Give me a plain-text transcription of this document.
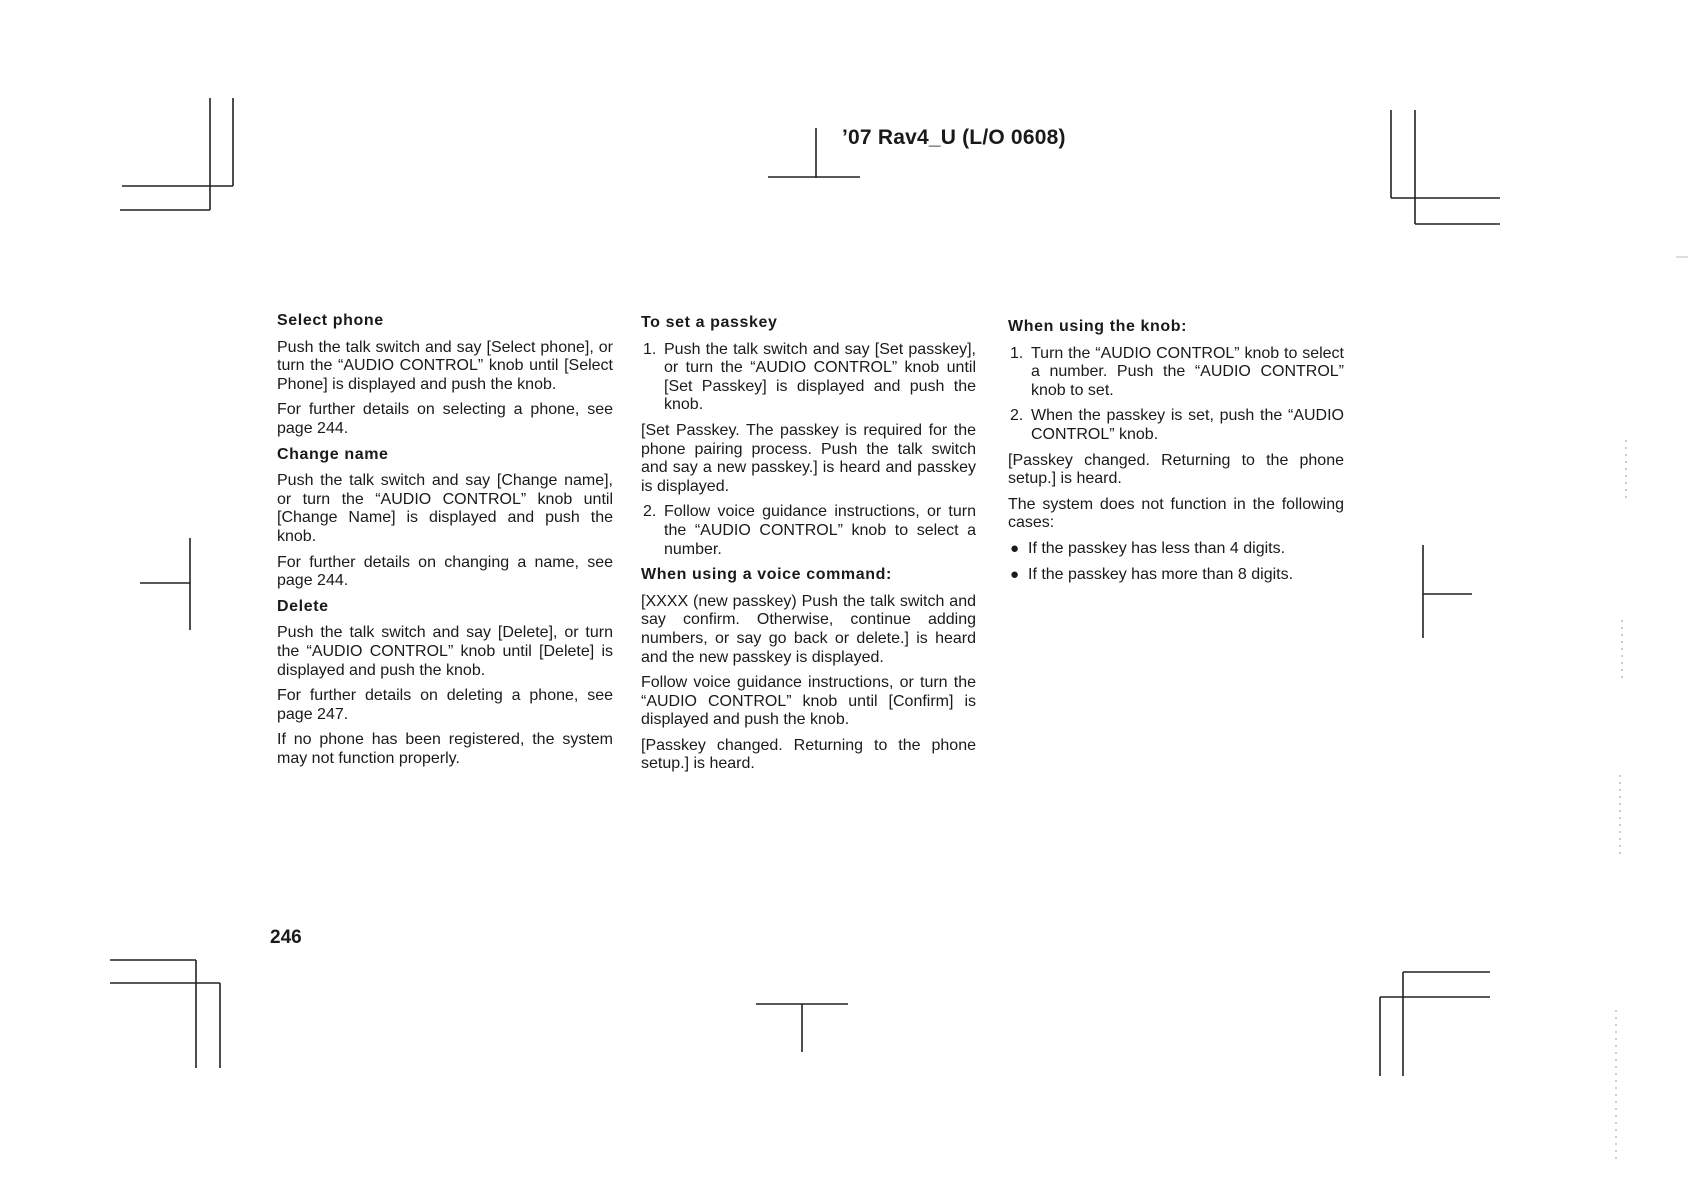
’07 Rav4_U (L/O 0608)
Select phone

Push the talk switch and say [Select phone], or turn the “AUDIO CONTROL” knob until [Select Phone] is displayed and push the knob.

For further details on selecting a phone, see page 244.

Change name

Push the talk switch and say [Change name], or turn the “AUDIO CONTROL” knob until [Change Name] is displayed and push the knob.

For further details on changing a name, see page 244.

Delete

Push the talk switch and say [Delete], or turn the “AUDIO CONTROL” knob until [Delete] is displayed and push the knob.

For further details on deleting a phone, see page 247.

If no phone has been registered, the system may not function properly.

To set a passkey
1. Push the talk switch and say [Set passkey], or turn the “AUDIO CONTROL” knob until [Set Passkey] is displayed and push the knob.

[Set Passkey. The passkey is required for the phone pairing process. Push the talk switch and say a new passkey.] is heard and passkey is displayed.

2. Follow voice guidance instructions, or turn the “AUDIO CONTROL” knob to select a number.
When using a voice command:

[XXXX (new passkey) Push the talk switch and say confirm. Otherwise, continue adding numbers, or say go back or delete.] is heard and the new passkey is displayed.

Follow voice guidance instructions, or turn the “AUDIO CONTROL” knob until [Confirm] is displayed and push the knob.

[Passkey changed. Returning to the phone setup.] is heard.

When using the knob:
1. Turn the “AUDIO CONTROL” knob to select a number. Push the “AUDIO CONTROL” knob to set.
2. When the passkey is set, push the “AUDIO CONTROL” knob.

[Passkey changed. Returning to the phone setup.] is heard.

The system does not function in the following cases:

● If the passkey has less than 4 digits.
● If the passkey has more than 8 digits.
246
